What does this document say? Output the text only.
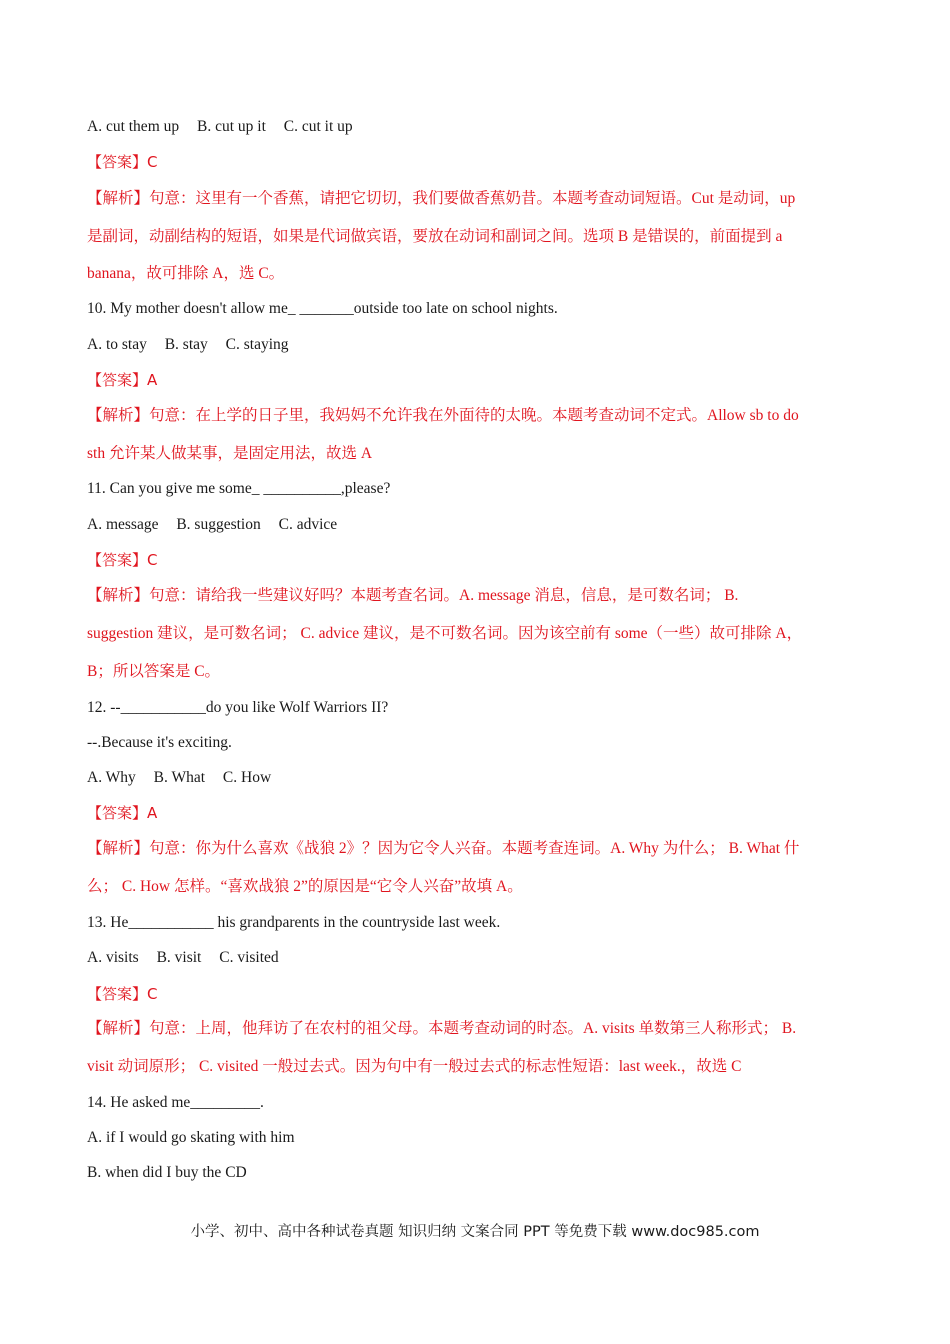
A. cut them up B. cut up it C. cut it up
【答案】C
【解析】句意：这里有一个香蕉，请把它切切，我们要做香蕉奶昔。本题考查动词短语。Cut 是动词，up
是副词，动副结构的短语，如果是代词做宾语，要放在动词和副词之间。选项 B 是错误的，前面提到 a
banana，故可排除 A，选 C。
10. My mother doesn't allow me_ _______outside too late on school nights.
A. to stay B. stay C. staying
【答案】A
【解析】句意：在上学的日子里，我妈妈不允许我在外面待的太晚。本题考查动词不定式。Allow sb to do
sth 允许某人做某事，是固定用法，故选 A
11. Can you give me some_ __________,please?
A. message B. suggestion C. advice
【答案】C
【解析】句意：请给我一些建议好吗？本题考查名词。A. message 消息，信息，是可数名词； B.
suggestion 建议，是可数名词； C. advice 建议，是不可数名词。因为该空前有 some（一些）故可排除 A，
B；所以答案是 C。
12. --___________do you like Wolf Warriors II?
--.Because it's exciting.
A. Why B. What C. How
【答案】A
【解析】句意：你为什么喜欢《战狼 2》？因为它令人兴奋。本题考查连词。A. Why 为什么； B. What 什
么； C. How 怎样。“喜欢战狼 2”的原因是“它令人兴奋”故填 A。
13. He___________ his grandparents in the countryside last week.
A. visits B. visit C. visited
【答案】C
【解析】句意：上周，他拜访了在农村的祖父母。本题考查动词的时态。A. visits 单数第三人称形式； B.
visit 动词原形； C. visited 一般过去式。因为句中有一般过去式的标志性短语：last week.，故选 C
14. He asked me_________.
A. if I would go skating with him
B. when did I buy the CD
小学、初中、高中各种试卷真题 知识归纳 文案合同 PPT 等免费下载 www.doc985.com
